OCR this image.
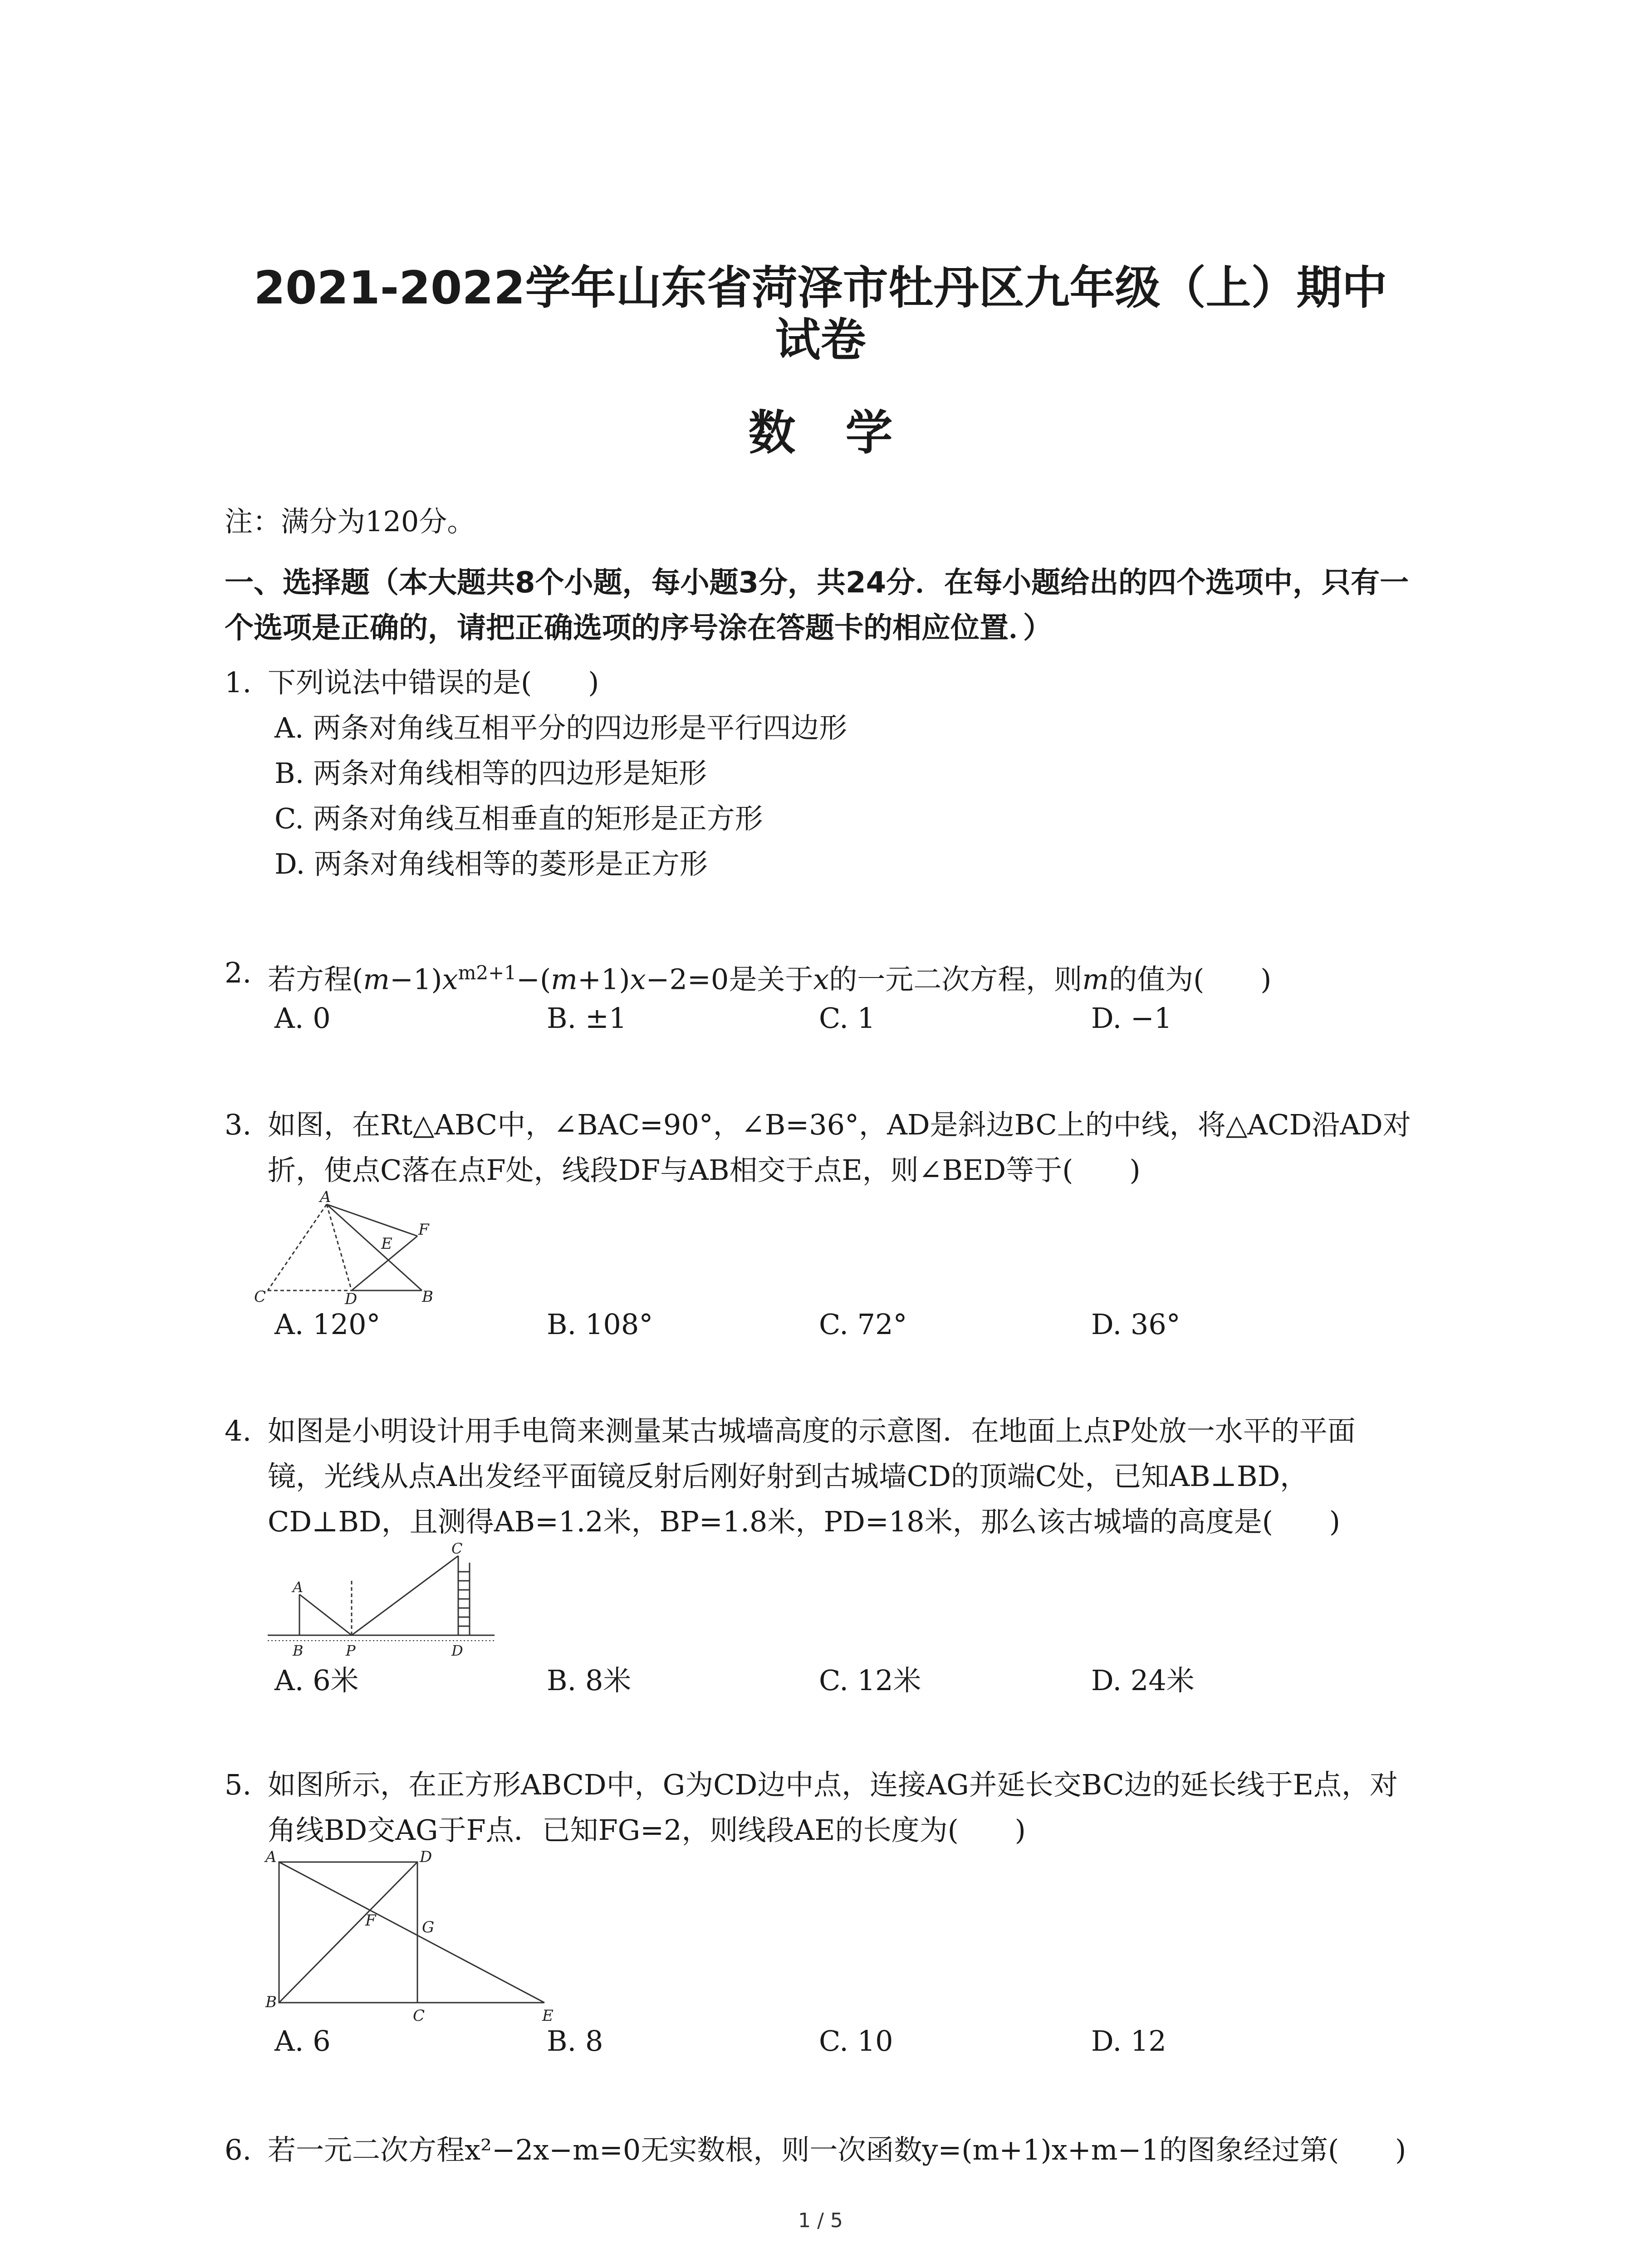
2021-2022学年山东省菏泽市牡丹区九年级（上）期中
试卷
数学
注：满分为120分。
一、选择题（本大题共8个小题，每小题3分，共24分．在每小题给出的四个选项中，只有一
个选项是正确的，请把正确选项的序号涂在答题卡的相应位置．）
1. 下列说法中错误的是(　　)
A. 两条对角线互相平分的四边形是平行四边形
B. 两条对角线相等的四边形是矩形
C. 两条对角线互相垂直的矩形是正方形
D. 两条对角线相等的菱形是正方形
2. 若方程$(m-1)x^{m2+1}-(m+1)x-2=0$是关于x的一元二次方程，则m的值为(　　)
A. 0	B. ±1	C. 1	D. −1
3. 如图，在Rt△ABC中，∠BAC=90°，∠B=36°，AD是斜边BC上的中线，将△ACD沿AD对
折，使点C落在点F处，线段DF与AB相交于点E，则∠BED等于(　　)
A
F
E
C	D	B
A. 120°	B. 108°	C. 72°	D. 36°
4. 如图是小明设计用手电筒来测量某古城墙高度的示意图．在地面上点P处放一水平的平面
镜，光线从点A出发经平面镜反射后刚好射到古城墙CD的顶端C处，已知AB⊥BD，
CD⊥BD，且测得AB=1.2米，BP=1.8米，PD=18米，那么该古城墙的高度是(　　)
A
C
B	P	D
A. 6米	B. 8米	C. 12米	D. 24米
5. 如图所示，在正方形ABCD中，G为CD边中点，连接AG并延长交BC边的延长线于E点，对
角线BD交AG于F点．已知FG=2，则线段AE的长度为(　　)
A	D
F	G
B
C	E
A. 6	B. 8	C. 10	D. 12
6. 若一元二次方程x²−2x−m=0无实数根，则一次函数y=(m+1)x+m−1的图象经过第(　　)
1 / 5
